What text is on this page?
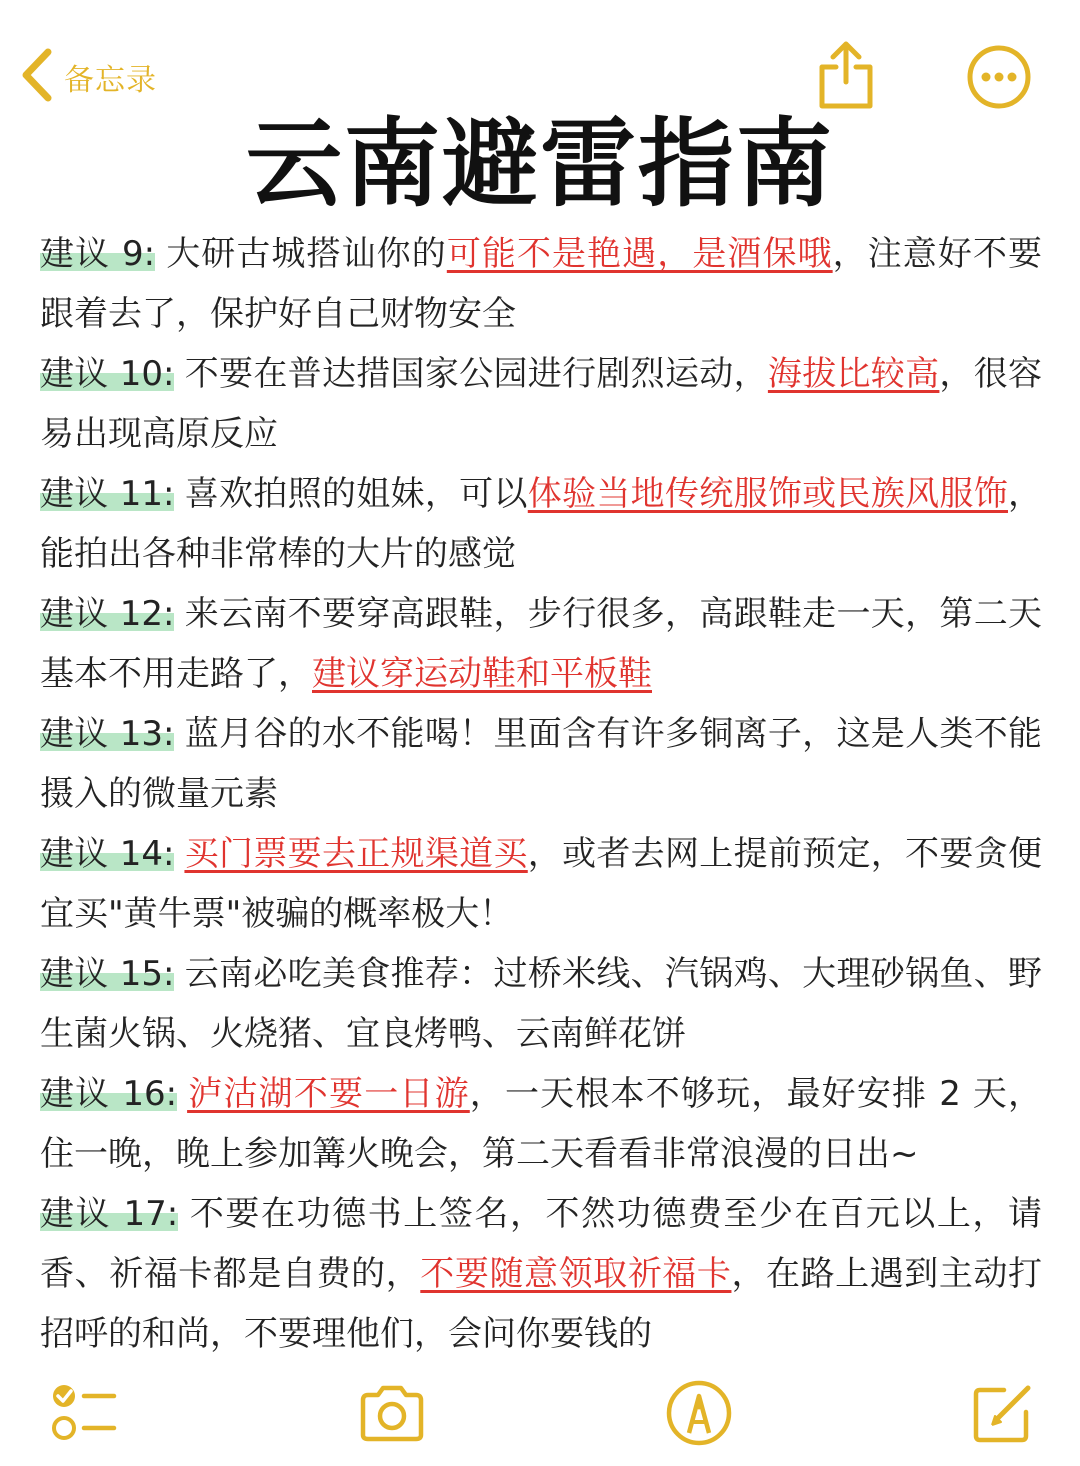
备忘录
云南避雷指南

建议 9: 大研古城搭讪你的可能不是艳遇，是酒保哦，注意好不要跟着去了，保护好自己财物安全

建议 10: 不要在普达措国家公园进行剧烈运动，海拔比较高，很容易出现高原反应

建议 11: 喜欢拍照的姐妹，可以体验当地传统服饰或民族风服饰，能拍出各种非常棒的大片的感觉

建议 12: 来云南不要穿高跟鞋，步行很多，高跟鞋走一天，第二天基本不用走路了，建议穿运动鞋和平板鞋

建议 13: 蓝月谷的水不能喝！里面含有许多铜离子，这是人类不能摄入的微量元素

建议 14: 买门票要去正规渠道买，或者去网上提前预定，不要贪便宜买"黄牛票"被骗的概率极大！

建议 15: 云南必吃美食推荐：过桥米线、汽锅鸡、大理砂锅鱼、野生菌火锅、火烧猪、宜良烤鸭、云南鲜花饼

建议 16: 泸沽湖不要一日游，一天根本不够玩，最好安排 2 天，住一晚，晚上参加篝火晚会，第二天看看非常浪漫的日出~

建议 17: 不要在功德书上签名，不然功德费至少在百元以上，请香、祈福卡都是自费的，不要随意领取祈福卡，在路上遇到主动打招呼的和尚，不要理他们，会问你要钱的
